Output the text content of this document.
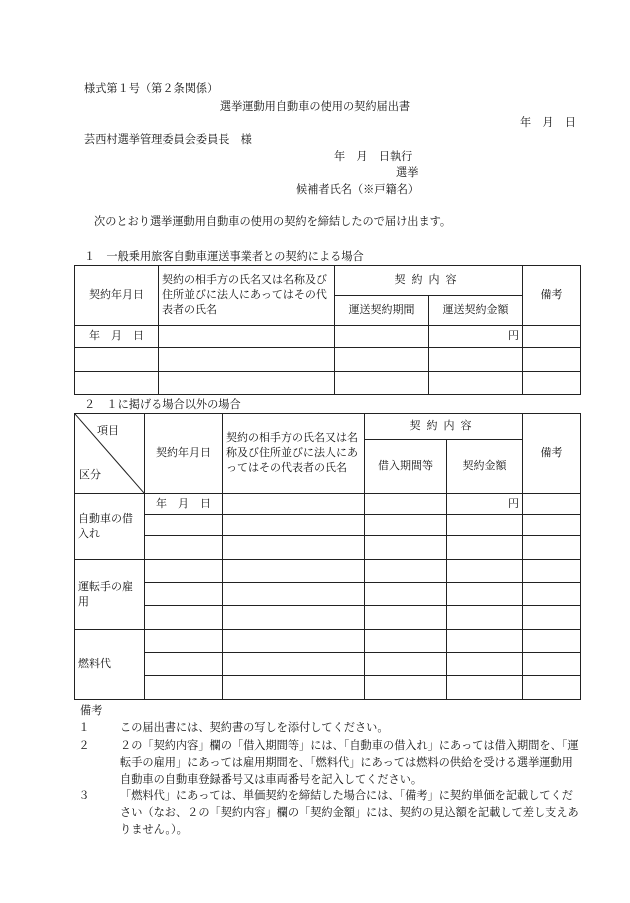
様式第１号（第２条関係）
選挙運動用自動車の使用の契約届出書
年　月　日
芸西村選挙管理委員会委員長　様
年　月　日執行
選挙
候補者氏名（※戸籍名）
次のとおり選挙運動用自動車の使用の契約を締結したので届け出ます。
１　一般乗用旅客自動車運送事業者との契約による場合
契約年月日	契約の相手方の氏名又は名称及び住所並びに法人にあってはその代表者の氏名	契約内容		備考
		運送契約期間	運送契約金額	
年　月　日			円	

２　１に掲げる場合以外の場合
項目
区分	契約年月日	契約の相手方の氏名又は名称及び住所並びに法人にあってはその代表者の氏名	契約内容		備考
			借入期間等	契約金額	
自動車の借入れ	年　月　日			円	

運転手の雇用					

燃料代					

備考
１	この届出書には、契約書の写しを添付してください。
２	２の「契約内容」欄の「借入期間等」には、「自動車の借入れ」にあっては借入期間を、「運転手の雇用」にあっては雇用期間を、「燃料代」にあっては燃料の供給を受ける選挙運動用自動車の自動車登録番号又は車両番号を記入してください。
３	「燃料代」にあっては、単価契約を締結した場合には、「備考」に契約単価を記載してください（なお、２の「契約内容」欄の「契約金額」には、契約の見込額を記載して差し支えありません。）。
